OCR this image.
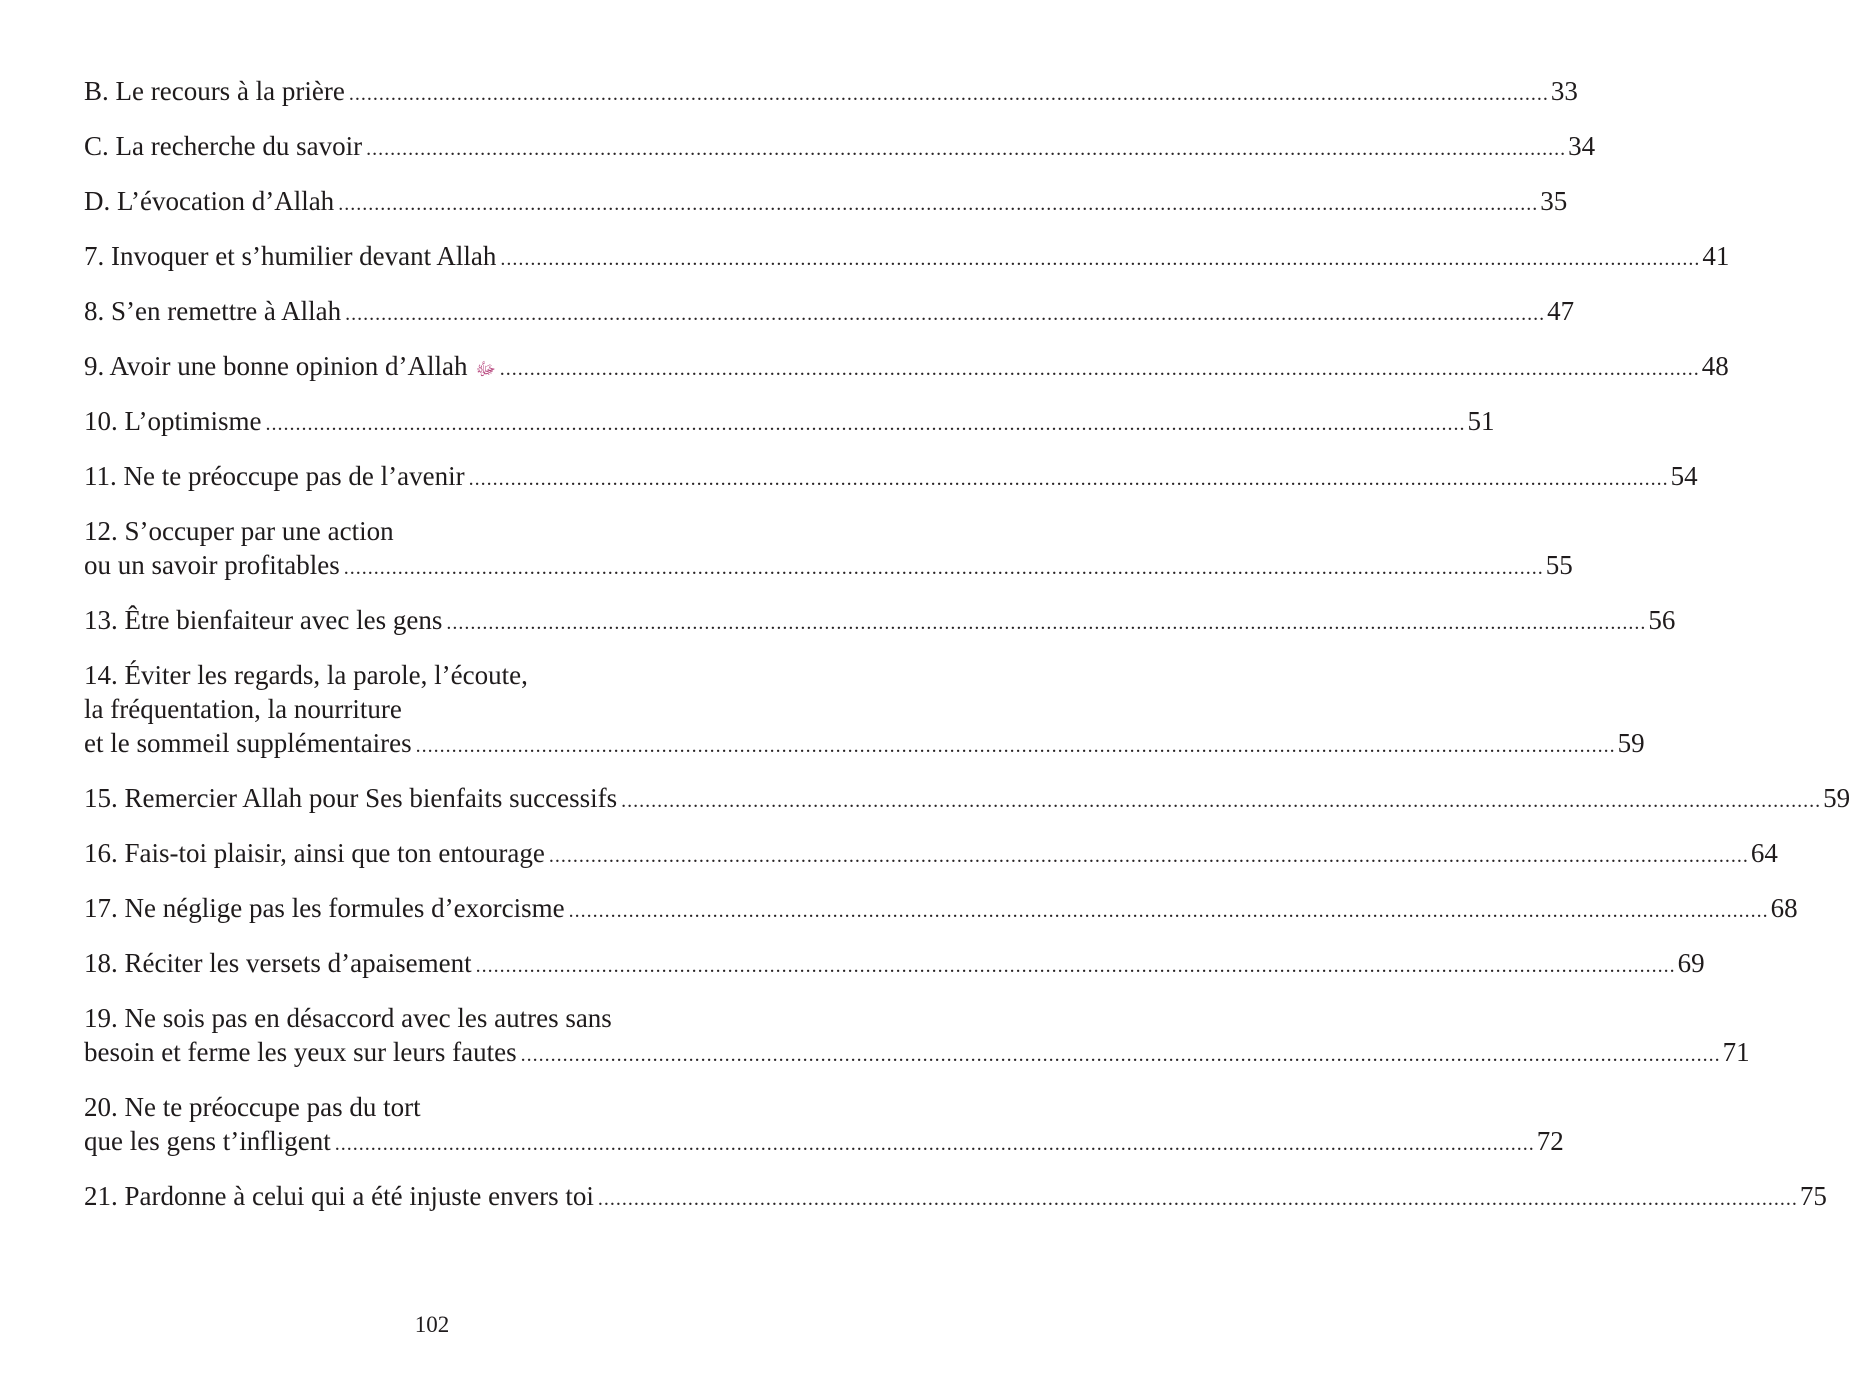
B. Le recours à la prière ........................................................................................................................................................................................................ 33
C. La recherche du savoir ........................................................................................................................................................................................................ 34
D. L’évocation d’Allah ........................................................................................................................................................................................................ 35
7. Invoquer et s’humilier devant Allah ........................................................................................................................................................................................................ 41
8. S’en remettre à Allah ........................................................................................................................................................................................................ 47
9. Avoir une bonne opinion d’Allah ﷻ ........................................................................................................................................................................................................ 48
10. L’optimisme ........................................................................................................................................................................................................ 51
11. Ne te préoccupe pas de l’avenir ........................................................................................................................................................................................................ 54
12. S’occuper par une action
ou un savoir profitables ........................................................................................................................................................................................................ 55
13. Être bienfaiteur avec les gens ........................................................................................................................................................................................................ 56
14. Éviter les regards, la parole, l’écoute,
la fréquentation, la nourriture
et le sommeil supplémentaires ........................................................................................................................................................................................................ 59
15. Remercier Allah pour Ses bienfaits successifs ........................................................................................................................................................................................................ 59
16. Fais-toi plaisir, ainsi que ton entourage ........................................................................................................................................................................................................ 64
17. Ne néglige pas les formules d’exorcisme ........................................................................................................................................................................................................ 68
18. Réciter les versets d’apaisement ........................................................................................................................................................................................................ 69
19. Ne sois pas en désaccord avec les autres sans
besoin et ferme les yeux sur leurs fautes ........................................................................................................................................................................................................ 71
20. Ne te préoccupe pas du tort
que les gens t’infligent ........................................................................................................................................................................................................ 72
21. Pardonne à celui qui a été injuste envers toi ........................................................................................................................................................................................................ 75
102
